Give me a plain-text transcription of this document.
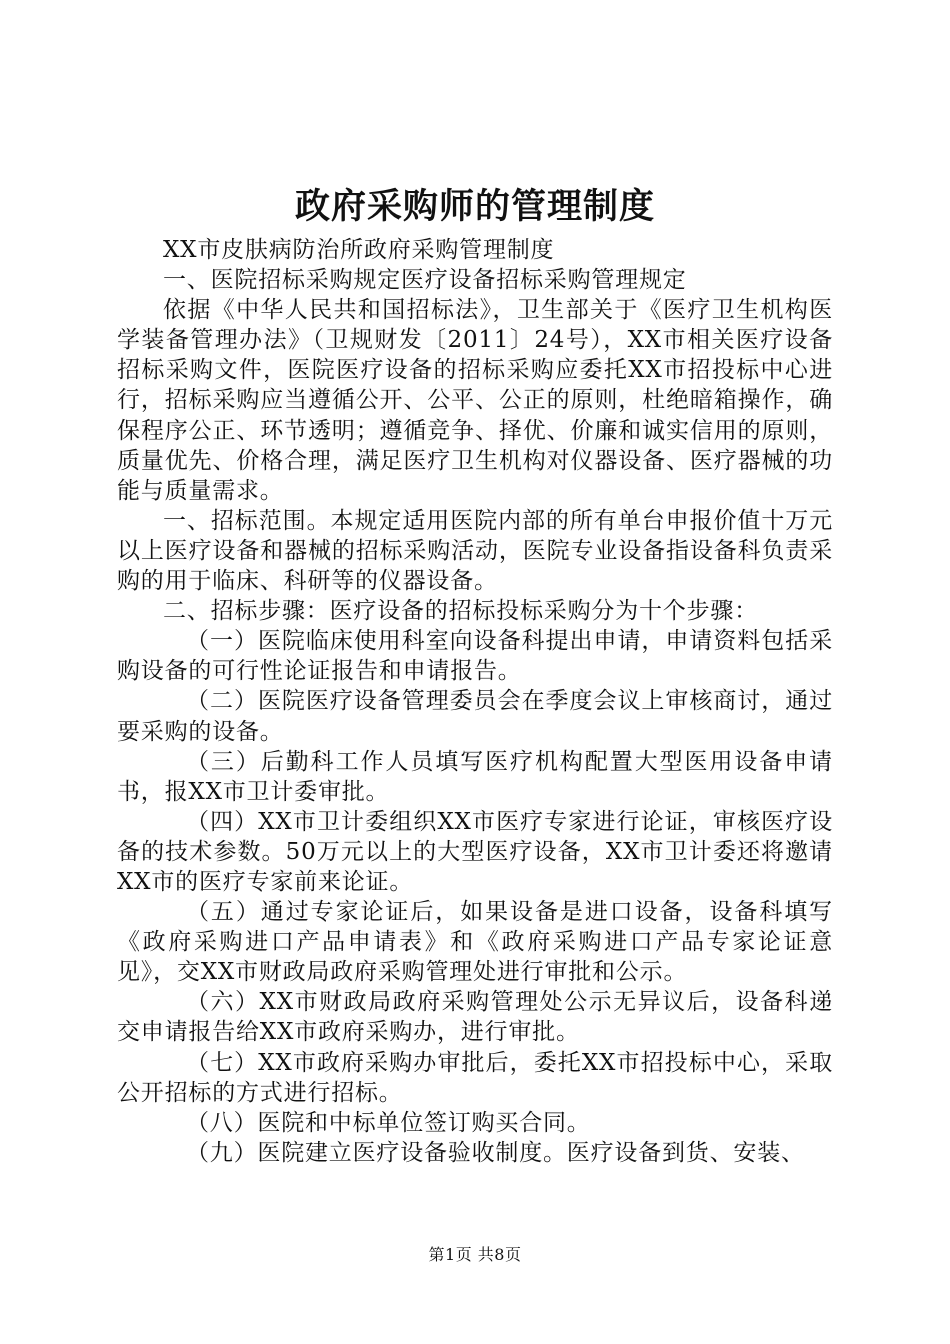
政府采购师的管理制度

XX市皮肤病防治所政府采购管理制度

一、医院招标采购规定医疗设备招标采购管理规定

依据《中华人民共和国招标法》，卫生部关于《医疗卫生机构医学装备管理办法》（卫规财发〔2011〕24号），XX市相关医疗设备招标采购文件，医院医疗设备的招标采购应委托XX市招投标中心进行，招标采购应当遵循公开、公平、公正的原则，杜绝暗箱操作，确保程序公正、环节透明；遵循竞争、择优、价廉和诚实信用的原则，质量优先、价格合理，满足医疗卫生机构对仪器设备、医疗器械的功能与质量需求。

一、招标范围。本规定适用医院内部的所有单台申报价值十万元以上医疗设备和器械的招标采购活动，医院专业设备指设备科负责采购的用于临床、科研等的仪器设备。

二、招标步骤：医疗设备的招标投标采购分为十个步骤：

（一）医院临床使用科室向设备科提出申请，申请资料包括采购设备的可行性论证报告和申请报告。

（二）医院医疗设备管理委员会在季度会议上审核商讨，通过要采购的设备。

（三）后勤科工作人员填写医疗机构配置大型医用设备申请书，报XX市卫计委审批。

（四）XX市卫计委组织XX市医疗专家进行论证，审核医疗设备的技术参数。50万元以上的大型医疗设备，XX市卫计委还将邀请XX市的医疗专家前来论证。

（五）通过专家论证后，如果设备是进口设备，设备科填写《政府采购进口产品申请表》和《政府采购进口产品专家论证意见》，交XX市财政局政府采购管理处进行审批和公示。

（六）XX市财政局政府采购管理处公示无异议后，设备科递交申请报告给XX市政府采购办，进行审批。

（七）XX市政府采购办审批后，委托XX市招投标中心，采取公开招标的方式进行招标。

（八）医院和中标单位签订购买合同。

（九）医院建立医疗设备验收制度。医疗设备到货、安装、

第1页 共8页
